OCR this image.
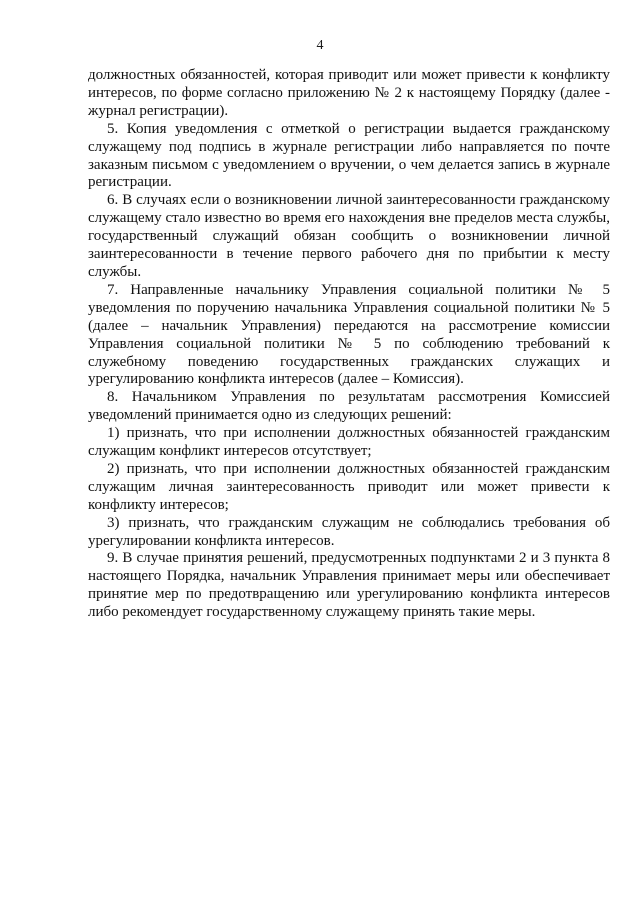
4

должностных обязанностей, которая приводит или может привести к конфликту интересов, по форме согласно приложению № 2 к настоящему Порядку (далее - журнал регистрации).

5. Копия уведомления с отметкой о регистрации выдается гражданскому служащему под подпись в журнале регистрации либо направляется по почте заказным письмом с уведомлением о вручении, о чем делается запись в журнале регистрации.

6. В случаях если о возникновении личной заинтересованности гражданскому служащему стало известно во время его нахождения вне пределов места службы, государственный служащий обязан сообщить о возникновении личной заинтересованности в течение первого рабочего дня по прибытии к месту службы.

7. Направленные начальнику Управления социальной политики № 5 уведомления по поручению начальника Управления социальной политики № 5 (далее – начальник Управления) передаются на рассмотрение комиссии Управления социальной политики № 5 по соблюдению требований к служебному поведению государственных гражданских служащих и урегулированию конфликта интересов (далее – Комиссия).

8. Начальником Управления по результатам рассмотрения Комиссией уведомлений принимается одно из следующих решений:

1) признать, что при исполнении должностных обязанностей гражданским служащим конфликт интересов отсутствует;

2) признать, что при исполнении должностных обязанностей гражданским служащим личная заинтересованность приводит или может привести к конфликту интересов;

3) признать, что гражданским служащим не соблюдались требования об урегулировании конфликта интересов.

9. В случае принятия решений, предусмотренных подпунктами 2 и 3 пункта 8 настоящего Порядка, начальник Управления принимает меры или обеспечивает принятие мер по предотвращению или урегулированию конфликта интересов либо рекомендует государственному служащему принять такие меры.
